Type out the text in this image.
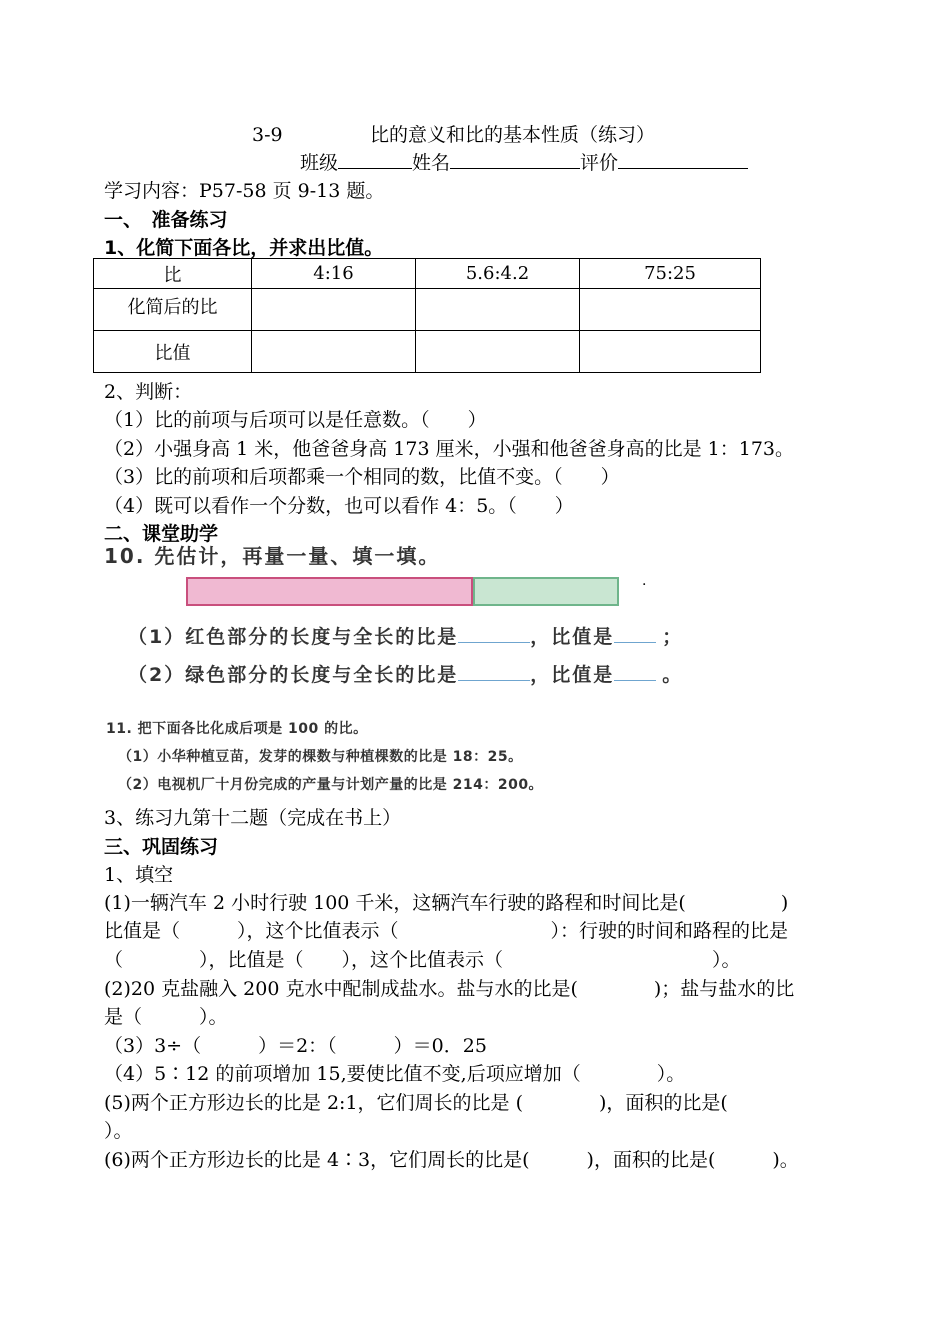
3-9	比的意义和比的基本性质（练习）
班级	姓名	评价
学习内容：P57-58 页 9-13 题。
一、　准备练习
1、化简下面各比，并求出比值。
比	4:16	5.6:4.2	75:25
化简后的比			
比值			
2、判断：
（1）比的前项与后项可以是任意数。（　　）
（2）小强身高 1 米，他爸爸身高 173 厘米，小强和他爸爸身高的比是 1：173。
（3）比的前项和后项都乘一个相同的数，比值不变。（　　）
（4）既可以看作一个分数，也可以看作 4：5。（　　）
二、课堂助学
10. 先估计，再量一量、填一填。
·
（1）红色部分的长度与全长的比是	，比值是	；
（2）绿色部分的长度与全长的比是	，比值是	。
11. 把下面各比化成后项是 100 的比。
（1）小华种植豆苗，发芽的棵数与种植棵数的比是 18：25。
（2）电视机厂十月份完成的产量与计划产量的比是 214：200。
3、练习九第十二题（完成在书上）
三、巩固练习
1、填空
(1)一辆汽车 2 小时行驶 100 千米，这辆汽车行驶的路程和时间比是(　　　　　)
比值是（　　　），这个比值表示（　　　　　　　　）：行驶的时间和路程的比是
（　　　　），比值是（　　），这个比值表示（　　　　　　　　　　　）。
(2)20 克盐融入 200 克水中配制成盐水。盐与水的比是(　　　　)；盐与盐水的比
是（　　　）。
（3）3÷（　　　）＝2：（　　　）＝0．25
（4）5∶12 的前项增加 15,要使比值不变,后项应增加（　　　　）。
(5)两个正方形边长的比是 2:1，它们周长的比是 (　　　　)，面积的比是(
）。
(6)两个正方形边长的比是 4∶3，它们周长的比是(　　　)，面积的比是(　　　)。
